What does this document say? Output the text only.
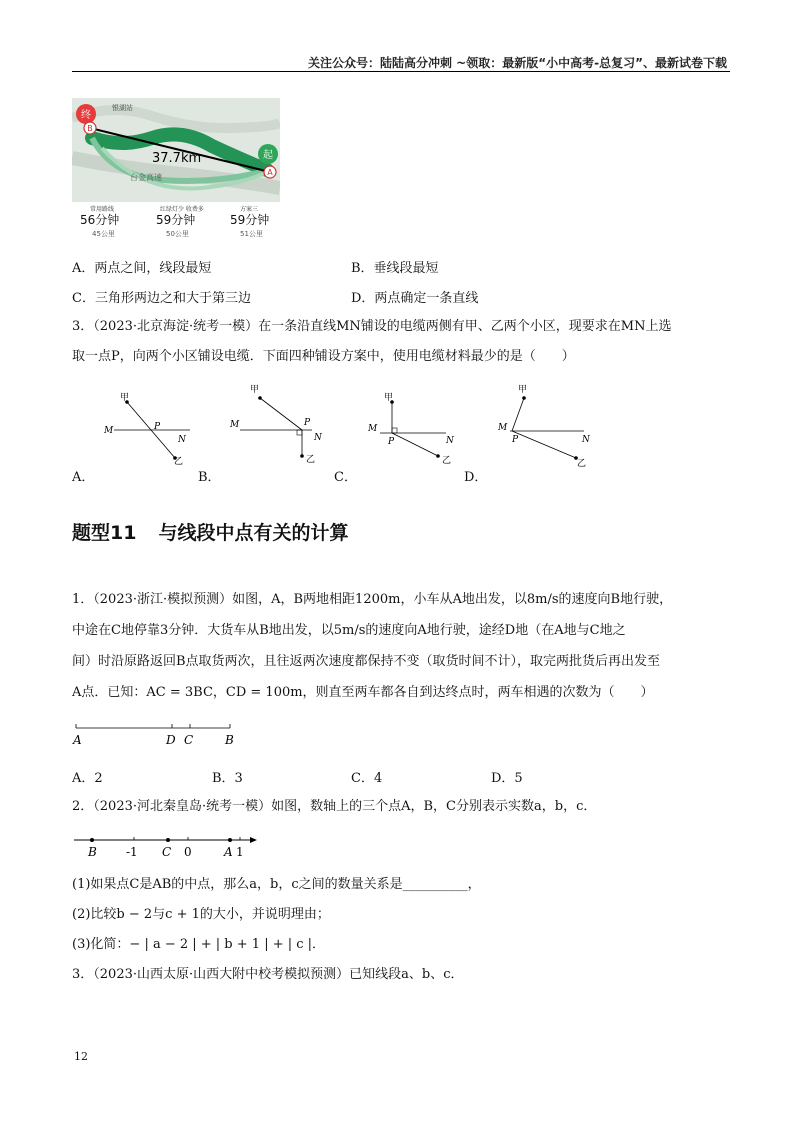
关注公众号：陆陆高分冲刺 ~领取：最新版“小中高考-总复习”、最新试卷下载
终
B
起
A
37.7km
台金高速
银湖站
常用路线
56分钟
45公里
红绿灯少 收费多
59分钟
50公里
方案三
59分钟
51公里
A．两点之间，线段最短	B．垂线段最短
C．三角形两边之和大于第三边	D．两点确定一条直线
3．（2023·北京海淀·统考一模）在一条沿直线MN铺设的电缆两侧有甲、乙两个小区，现要求在MN上选
取一点P，向两个小区铺设电缆．下面四种铺设方案中，使用电缆材料最少的是（　　）
甲
M
N
P
乙
甲
M
N
P
乙
甲
M
N
P
乙
甲
M
N
P
乙
A．	B．	C．	D．
题型11 与线段中点有关的计算
1．（2023·浙江·模拟预测）如图，A，B两地相距1200m，小车从A地出发，以8m/s的速度向B地行驶，
中途在C地停靠3分钟．大货车从B地出发，以5m/s的速度向A地行驶，途经D地（在A地与C地之
间）时沿原路返回B点取货两次，且往返两次速度都保持不变（取货时间不计），取完两批货后再出发至
A点．已知：AC = 3BC，CD = 100m，则直至两车都各自到达终点时，两车相遇的次数为（　　）
A	D C	B
A．2	B．3	C．4	D．5
2．（2023·河北秦皇岛·统考一模）如图，数轴上的三个点A，B，C分别表示实数a，b，c．
B -1 C 0	A 1
(1)如果点C是AB的中点，那么a，b，c之间的数量关系是__________，
(2)比较b − 2与c + 1的大小，并说明理由；
(3)化简：− | a − 2 | + | b + 1 | + | c |．
3．（2023·山西太原·山西大附中校考模拟预测）已知线段a、b、c．
12
